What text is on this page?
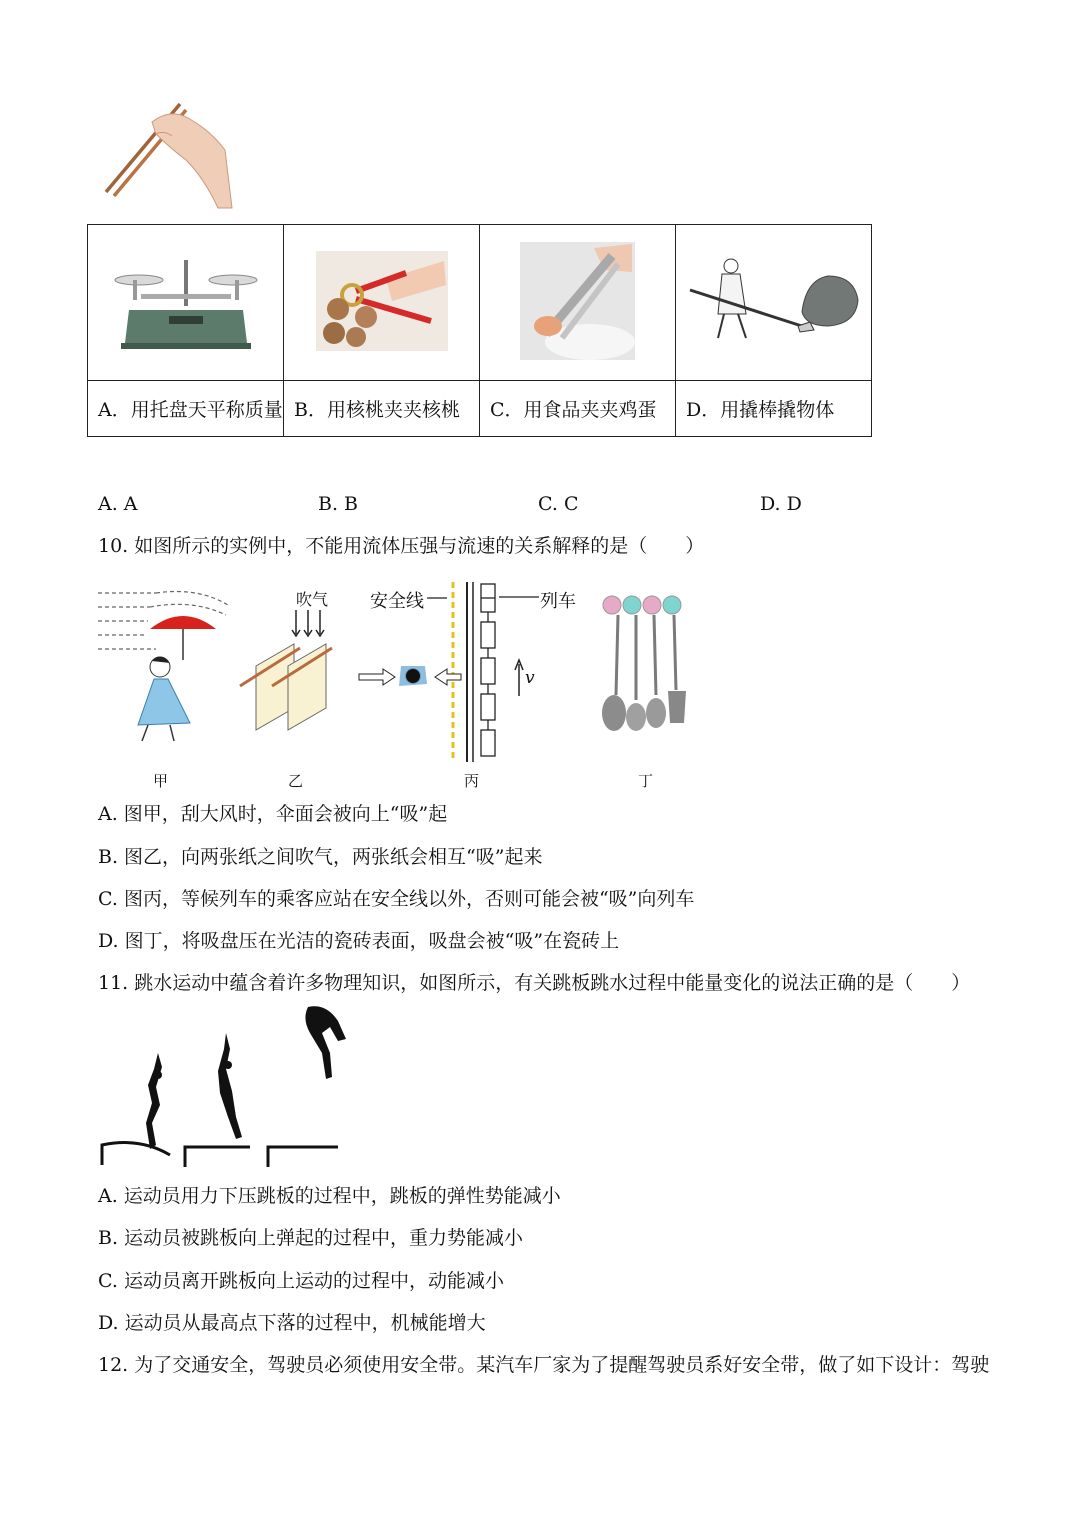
A．用托盘天平称质量	B．用核桃夹夹核桃	C．用食品夹夹鸡蛋	D．用撬棒撬物体
A. A	B. B	C. C	D. D
10. 如图所示的实例中，不能用流体压强与流速的关系解释的是（　　）
吹气 安全线	列车
v
甲	乙	丙	丁
A. 图甲，刮大风时，伞面会被向上“吸”起
B. 图乙，向两张纸之间吹气，两张纸会相互“吸”起来
C. 图丙，等候列车的乘客应站在安全线以外，否则可能会被“吸”向列车
D. 图丁，将吸盘压在光洁的瓷砖表面，吸盘会被“吸”在瓷砖上
11. 跳水运动中蕴含着许多物理知识，如图所示，有关跳板跳水过程中能量变化的说法正确的是（　　）
A. 运动员用力下压跳板的过程中，跳板的弹性势能减小
B. 运动员被跳板向上弹起的过程中，重力势能减小
C. 运动员离开跳板向上运动的过程中，动能减小
D. 运动员从最高点下落的过程中，机械能增大
12. 为了交通安全，驾驶员必须使用安全带。某汽车厂家为了提醒驾驶员系好安全带，做了如下设计：驾驶
